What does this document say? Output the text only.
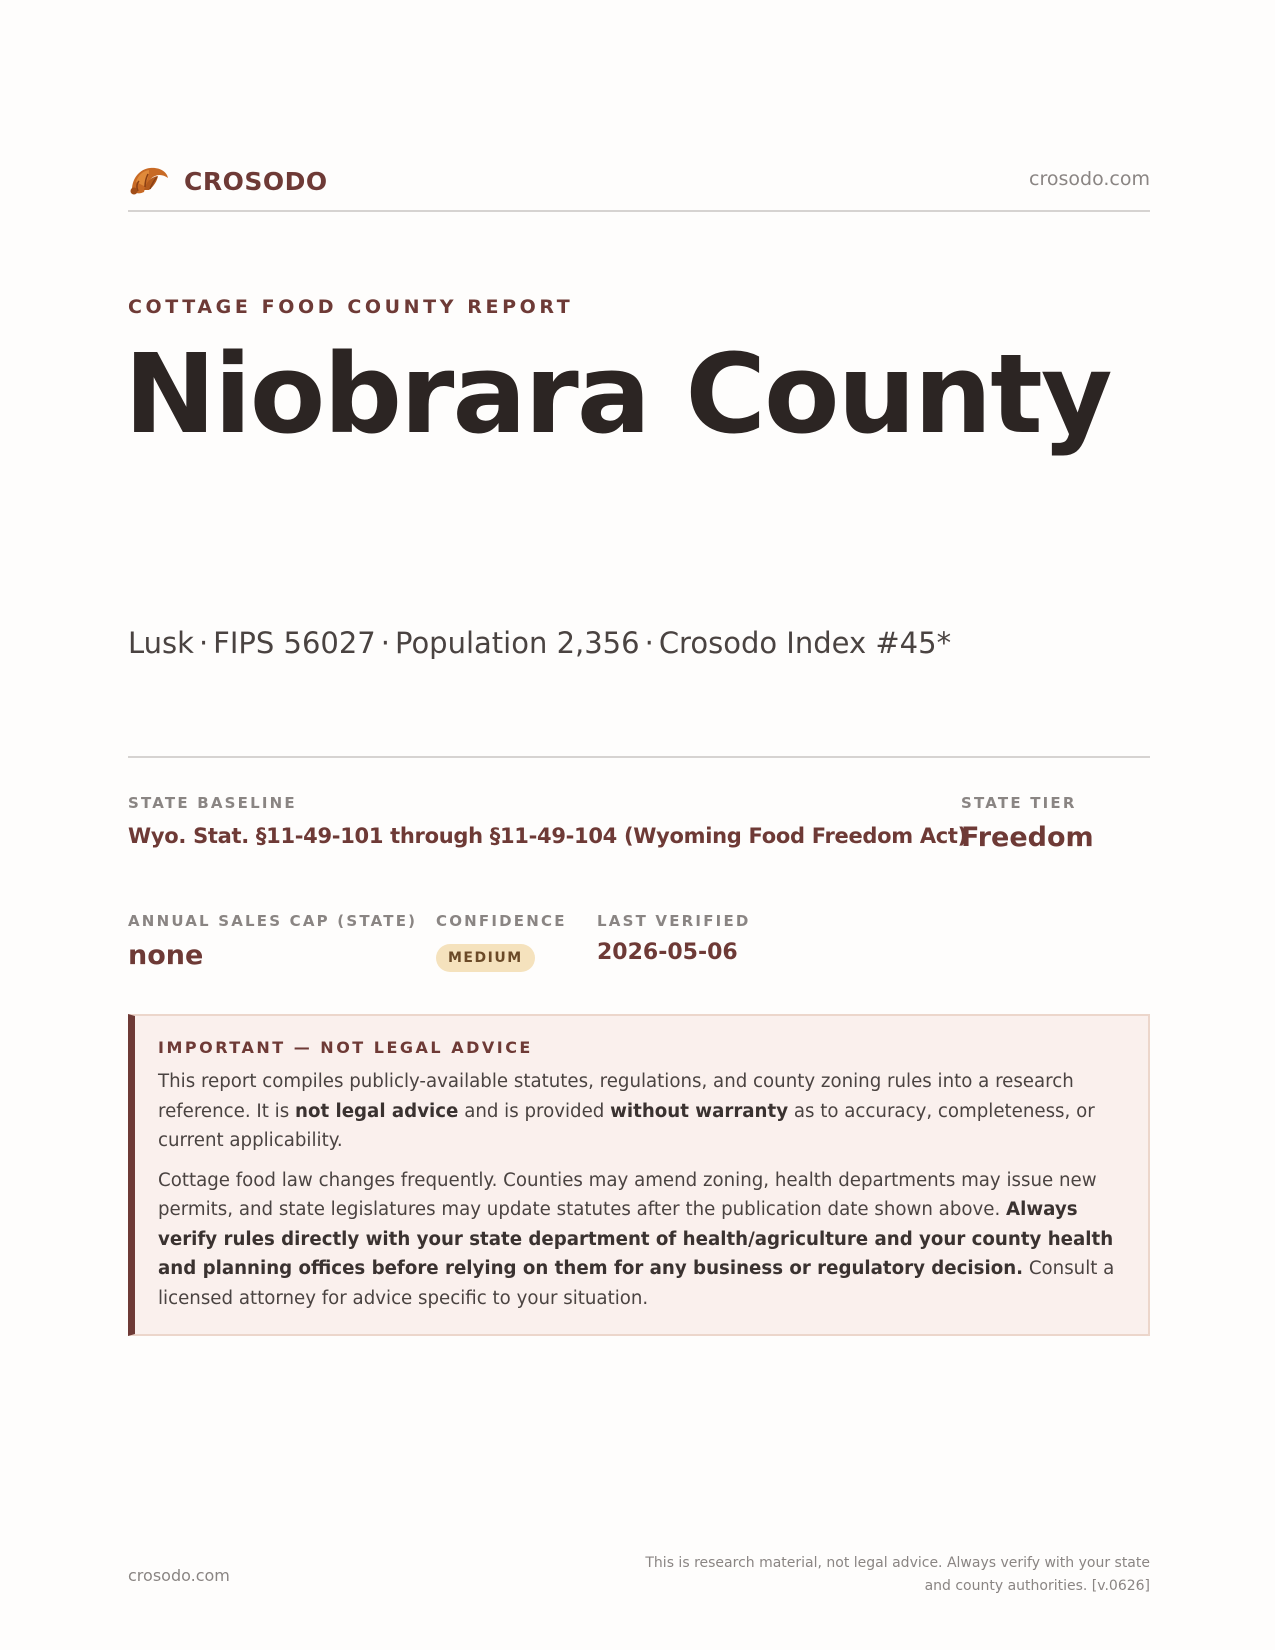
CROSODO	crosodo.com
COTTAGE FOOD COUNTY REPORT
Niobrara County
Lusk · FIPS 56027 · Population 2,356 · Crosodo Index #45*
STATE BASELINE
Wyo. Stat. §11-49-101 through §11-49-104 (Wyoming Food Freedom Act)
STATE TIER
Freedom
ANNUAL SALES CAP (STATE)
none
CONFIDENCE
MEDIUM
LAST VERIFIED
2026-05-06
IMPORTANT — NOT LEGAL ADVICE

This report compiles publicly-available statutes, regulations, and county zoning rules into a research reference. It is not legal advice and is provided without warranty as to accuracy, completeness, or current applicability.

Cottage food law changes frequently. Counties may amend zoning, health departments may issue new permits, and state legislatures may update statutes after the publication date shown above. Always verify rules directly with your state department of health/agriculture and your county health and planning offices before relying on them for any business or regulatory decision. Consult a licensed attorney for advice specific to your situation.

crosodo.com
This is research material, not legal advice. Always verify with your state and county authorities. [v.0626]
